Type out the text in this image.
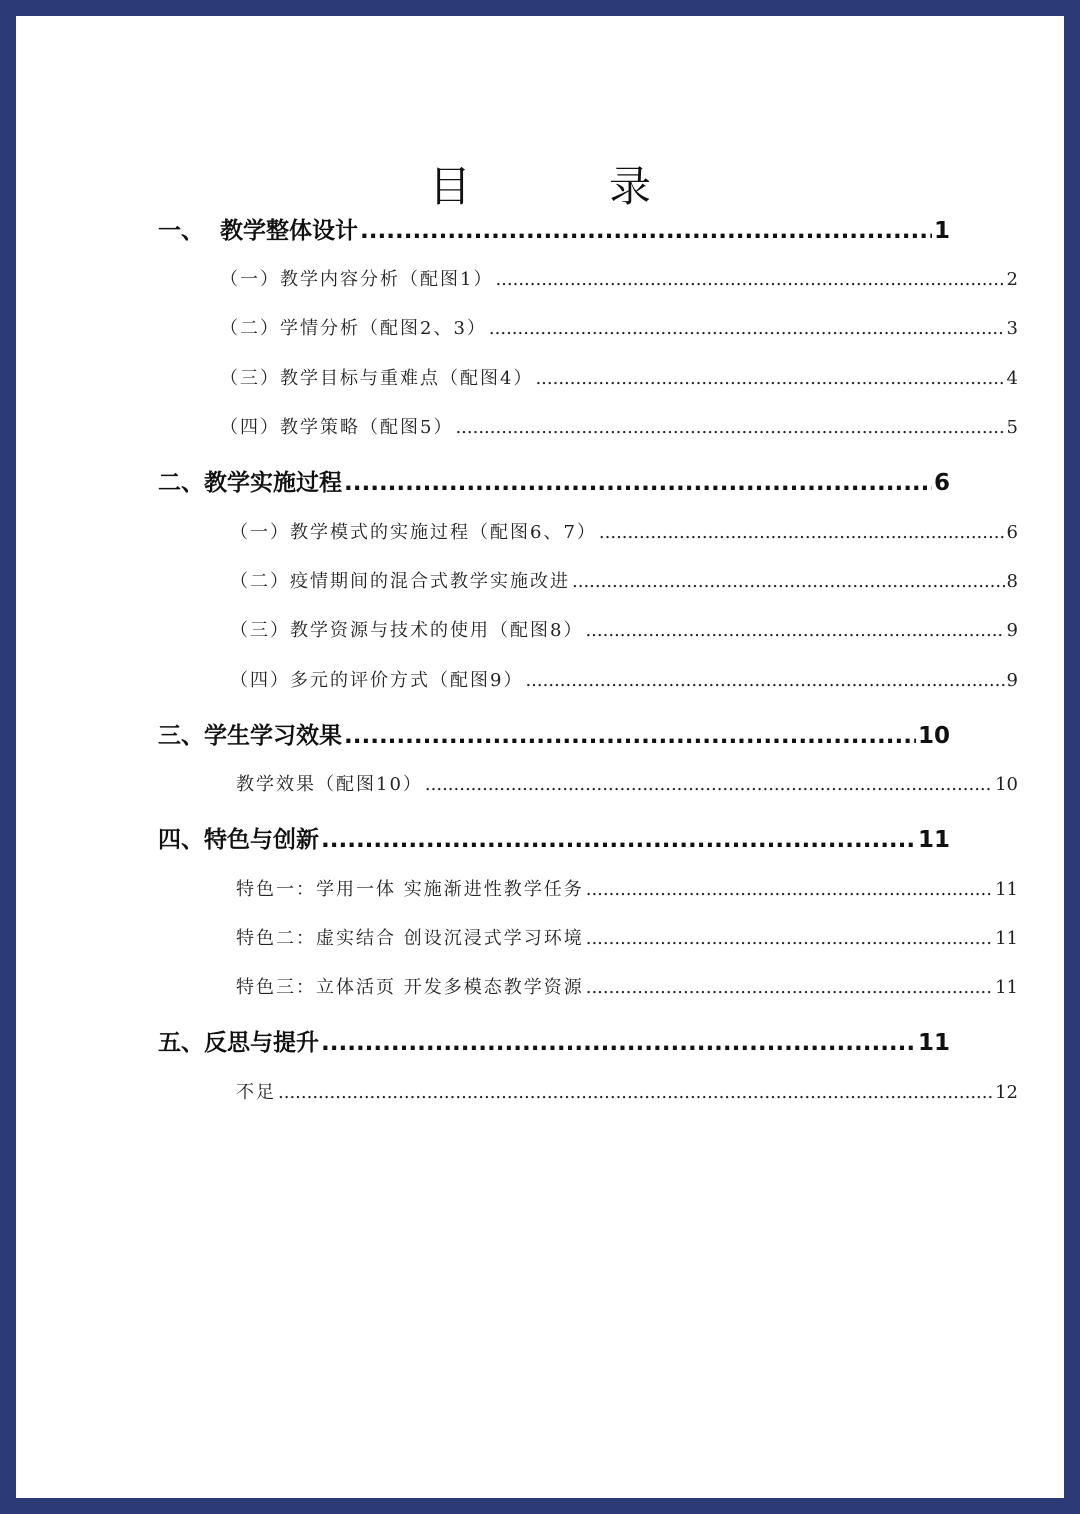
目　录
一、  教学整体设计 .....	1
（一）教学内容分析（配图1） .....	2
（二）学情分析（配图2、3） .....	3
（三）教学目标与重难点（配图4） .....	4
（四）教学策略（配图5） .....	5
二、教学实施过程 .....	6
（一）教学模式的实施过程（配图6、7） .....	6
（二）疫情期间的混合式教学实施改进 .....	8
（三）教学资源与技术的使用（配图8） .....	9
（四）多元的评价方式（配图9） .....	9
三、学生学习效果 .....	10
教学效果（配图10） .....	10
四、特色与创新 .....	11
特色一：学用一体 实施渐进性教学任务 .....	11
特色二：虚实结合 创设沉浸式学习环境 .....	11
特色三：立体活页 开发多模态教学资源 .....	11
五、反思与提升 .....	11
不足 .....	12
